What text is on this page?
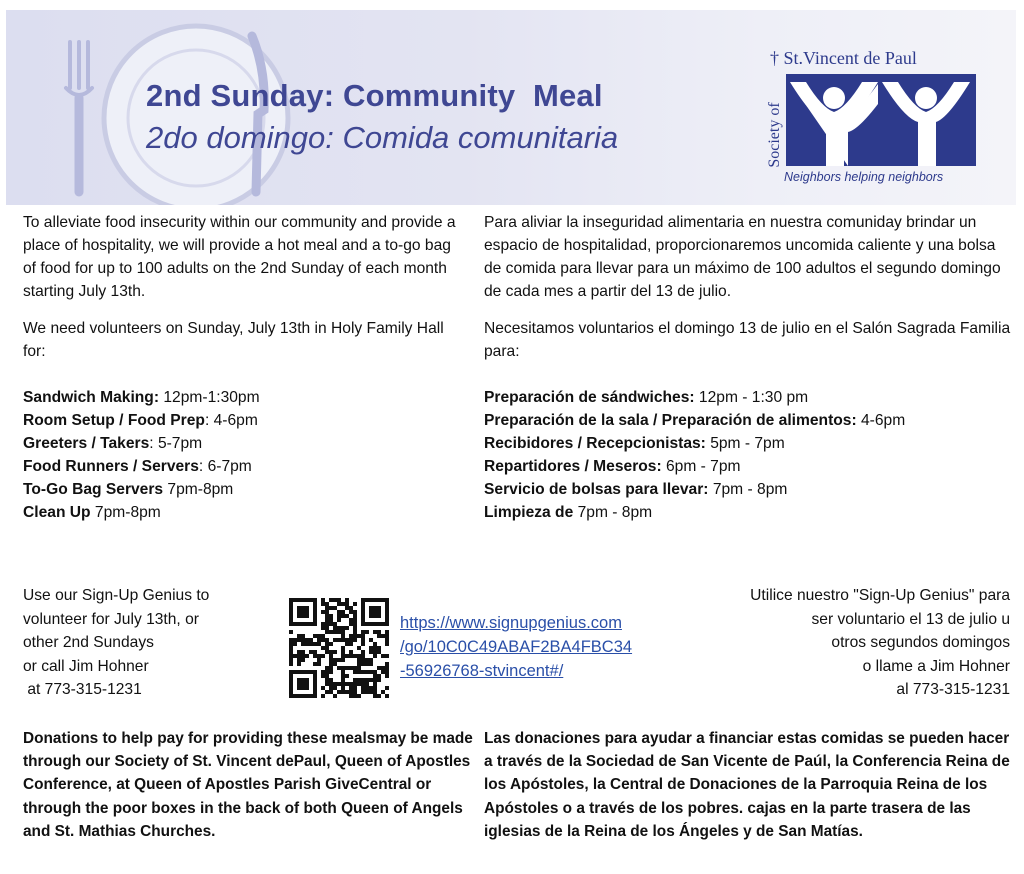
2nd Sunday: Community  Meal
2do domingo: Comida comunitaria
† St.Vincent de Paul
Society of
Neighbors helping neighbors

To alleviate food insecurity within our community and provide a place of hospitality, we will provide a hot meal and a to-go bag of food for up to 100 adults on the 2nd Sunday of each month starting July 13th.

We need volunteers on Sunday, July 13th in Holy Family Hall for:

Sandwich Making: 12pm-1:30pm

Room Setup / Food Prep: 4-6pm

Greeters / Takers: 5-7pm

Food Runners / Servers: 6-7pm

To-Go Bag Servers 7pm-8pm

Clean Up 7pm-8pm

Para aliviar la inseguridad alimentaria en nuestra comuniday brindar un espacio de hospitalidad, proporcionaremos uncomida caliente y una bolsa de comida para llevar para un máximo de 100 adultos el segundo domingo de cada mes a partir del 13 de julio.

Necesitamos voluntarios el domingo 13 de julio en el Salón Sagrada Familia para:

Preparación de sándwiches: 12pm - 1:30 pm

Preparación de la sala / Preparación de alimentos: 4-6pm

Recibidores / Recepcionistas: 5pm - 7pm

Repartidores / Meseros: 6pm - 7pm

Servicio de bolsas para llevar: 7pm - 8pm

Limpieza de 7pm - 8pm

Use our Sign-Up Genius to
volunteer for July 13th, or
other 2nd Sundays
or call Jim Hohner
at 773-315-1231
https://www.signupgenius.com
/go/10C0C49ABAF2BA4FBC34
-56926768-stvincent#/
Utilice nuestro "Sign-Up Genius" para
ser voluntario el 13 de julio u
otros segundos domingos
o llame a Jim Hohner
al 773-315-1231
Donations to help pay for providing these mealsmay be made through our Society of St. Vincent dePaul, Queen of Apostles Conference, at Queen of Apostles Parish GiveCentral or through the poor boxes in the back of both Queen of Angels and St. Mathias Churches.
Las donaciones para ayudar a financiar estas comidas se pueden hacer a través de la Sociedad de San Vicente de Paúl, la Conferencia Reina de los Apóstoles, la Central de Donaciones de la Parroquia Reina de los Apóstoles o a través de los pobres. cajas en la parte trasera de las iglesias de la Reina de los Ángeles y de San Matías.
